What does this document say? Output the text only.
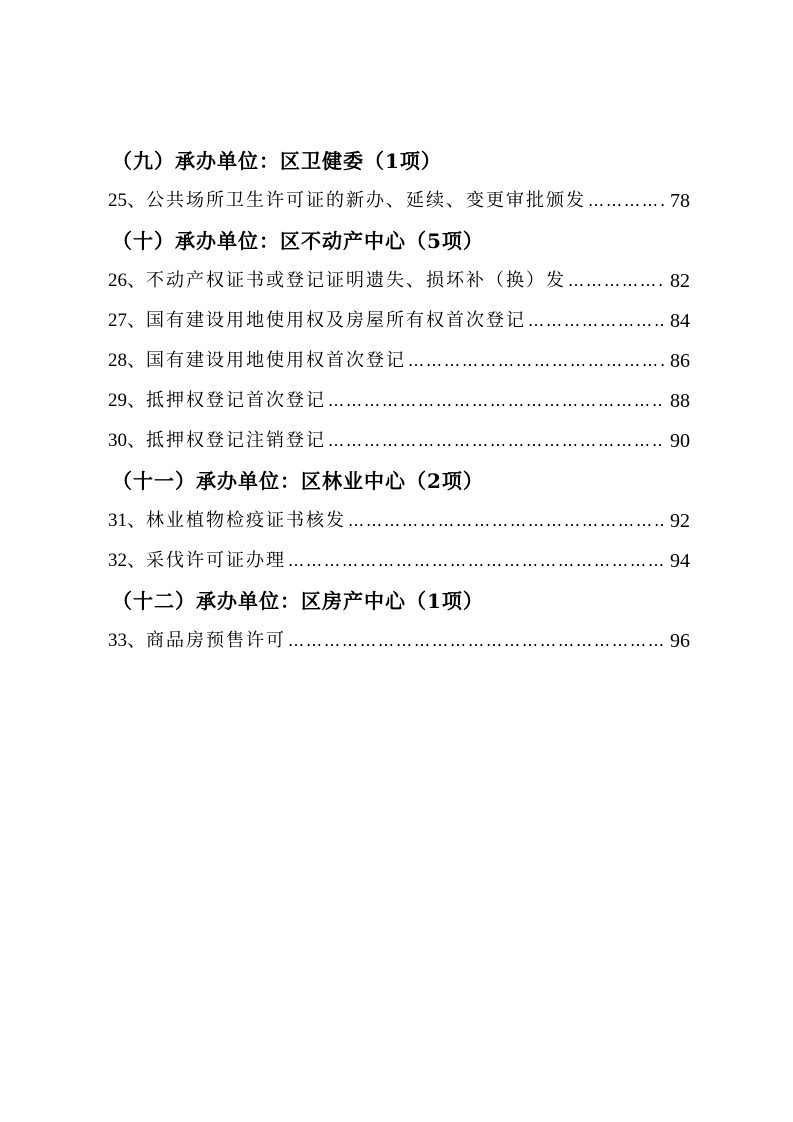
（九）承办单位：区卫健委（1项）
25、 公共场所卫生许可证的新办、延续、变更审批颁发 ……………………………………………………………………………………………………………………………………	78
（十）承办单位：区不动产中心（5项）
26、 不动产权证书或登记证明遗失、损坏补（换）发 ……………………………………………………………………………………………………………………………………	82
27、 国有建设用地使用权及房屋所有权首次登记 ……………………………………………………………………………………………………………………………………	84
28、 国有建设用地使用权首次登记 ……………………………………………………………………………………………………………………………………	86
29、 抵押权登记首次登记 ……………………………………………………………………………………………………………………………………	88
30、 抵押权登记注销登记 ……………………………………………………………………………………………………………………………………	90
（十一）承办单位：区林业中心（2项）
31、 林业植物检疫证书核发 ……………………………………………………………………………………………………………………………………	92
32、 采伐许可证办理 ……………………………………………………………………………………………………………………………………	94
（十二）承办单位：区房产中心（1项）
33、 商品房预售许可 ……………………………………………………………………………………………………………………………………	96
